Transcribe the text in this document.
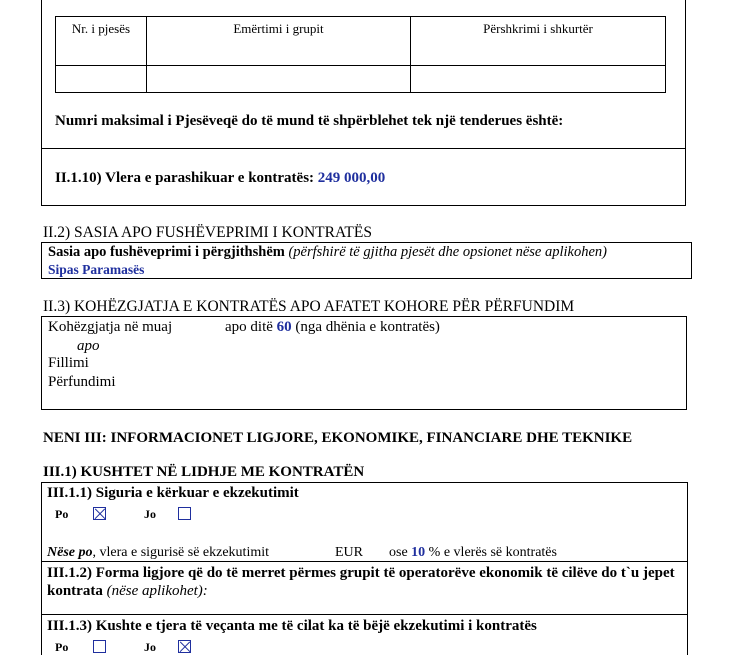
Nr. i pjesës	Emërtimi i grupit	Përshkrimi i shkurtër
Numri maksimal i Pjesëveqë do të mund të shpërblehet tek një tenderues është:
II.1.10) Vlera e parashikuar e kontratës: 249 000,00
II.2) SASIA APO FUSHËVEPRIMI I KONTRATËS
Sasia apo fushëveprimi i përgjithshëm (përfshirë të gjitha pjesët dhe opsionet nëse aplikohen)
Sipas Paramasës
II.3) KOHËZGJATJA E KONTRATËS APO AFATET KOHORE PËR PËRFUNDIM
Kohëzgjatja në muaj	apo ditë 60 (nga dhënia e kontratës)
apo
Fillimi
Përfundimi
NENI III: INFORMACIONET LIGJORE, EKONOMIKE, FINANCIARE DHE TEKNIKE
III.1) KUSHTET NË LIDHJE ME KONTRATËN
III.1.1) Siguria e kërkuar e ekzekutimit
Po	Jo
Nëse po, vlera e sigurisë së ekzekutimit	EUR ose 10 % e vlerës së kontratës
III.1.2) Forma ligjore që do të merret përmes grupit të operatorëve ekonomik të cilëve do t`u jepet kontrata (nëse aplikohet):
III.1.3) Kushte e tjera të veçanta me të cilat ka të bëjë ekzekutimi i kontratës
Po	Jo
